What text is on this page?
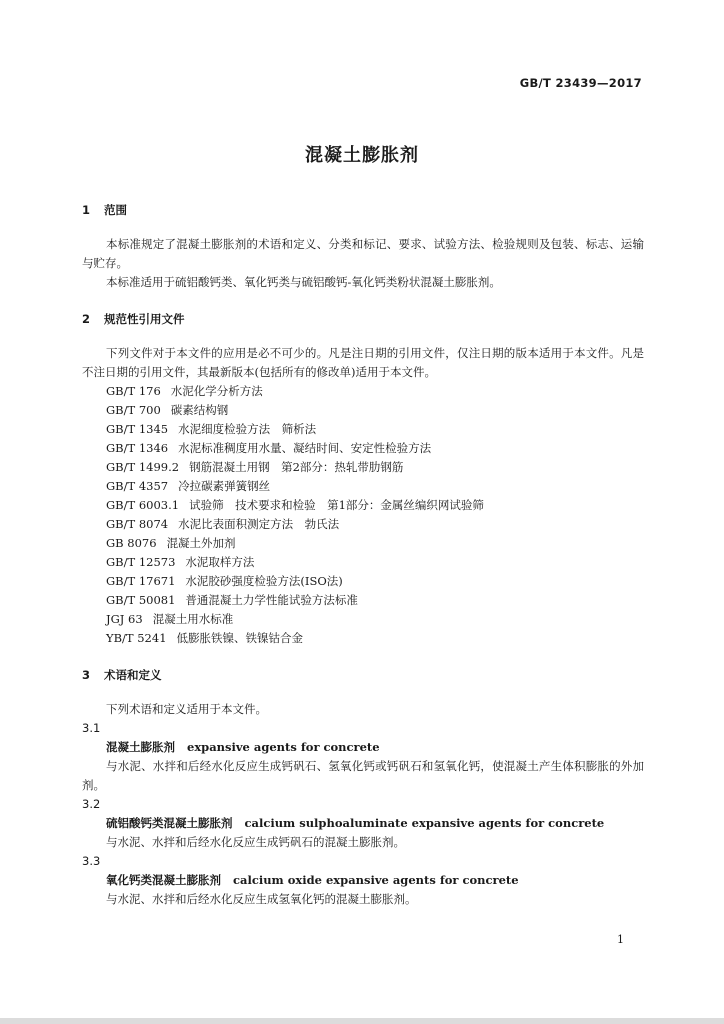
GB/T 23439—2017
混凝土膨胀剂
1 范围

本标准规定了混凝土膨胀剂的术语和定义、分类和标记、要求、试验方法、检验规则及包装、标志、运输与贮存。

本标准适用于硫铝酸钙类、氧化钙类与硫铝酸钙-氧化钙类粉状混凝土膨胀剂。

2 规范性引用文件

下列文件对于本文件的应用是必不可少的。凡是注日期的引用文件，仅注日期的版本适用于本文件。凡是不注日期的引用文件，其最新版本(包括所有的修改单)适用于本文件。

GB/T 176 水泥化学分析方法

GB/T 700 碳素结构钢

GB/T 1345 水泥细度检验方法　筛析法

GB/T 1346 水泥标准稠度用水量、凝结时间、安定性检验方法

GB/T 1499.2 钢筋混凝土用钢　第2部分：热轧带肋钢筋

GB/T 4357 冷拉碳素弹簧钢丝

GB/T 6003.1 试验筛　技术要求和检验　第1部分：金属丝编织网试验筛

GB/T 8074 水泥比表面积测定方法　勃氏法

GB 8076 混凝土外加剂

GB/T 12573 水泥取样方法

GB/T 17671 水泥胶砂强度检验方法(ISO法)

GB/T 50081 普通混凝土力学性能试验方法标准

JGJ 63 混凝土用水标准

YB/T 5241 低膨胀铁镍、铁镍钴合金

3 术语和定义

下列术语和定义适用于本文件。

3.1

混凝土膨胀剂 expansive agents for concrete

与水泥、水拌和后经水化反应生成钙矾石、氢氧化钙或钙矾石和氢氧化钙，使混凝土产生体积膨胀的外加剂。

3.2

硫铝酸钙类混凝土膨胀剂 calcium sulphoaluminate expansive agents for concrete

与水泥、水拌和后经水化反应生成钙矾石的混凝土膨胀剂。

3.3

氧化钙类混凝土膨胀剂 calcium oxide expansive agents for concrete

与水泥、水拌和后经水化反应生成氢氧化钙的混凝土膨胀剂。

1
